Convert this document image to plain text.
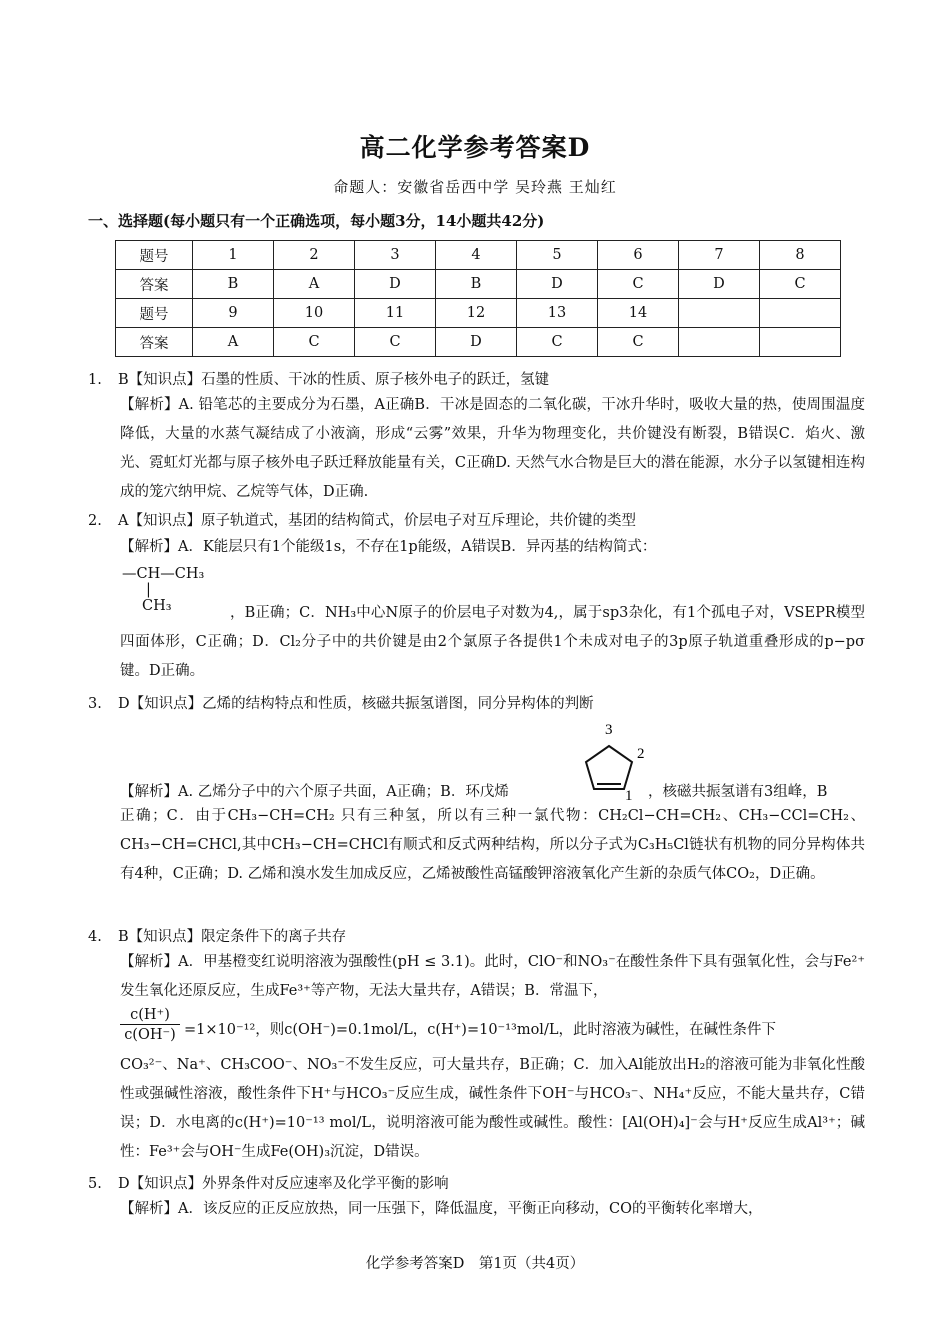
高二化学参考答案D
命题人：安徽省岳西中学 吴玲燕 王灿红
一、选择题(每小题只有一个正确选项，每小题3分，14小题共42分)
题号	1	2	3	4	5	6	7	8
答案	B	A	D	B	D	C	D	C
题号	9	10	11	12	13	14		
答案	A	C	C	D	C	C		
1. B【知识点】石墨的性质、干冰的性质、原子核外电子的跃迁，氢键
【解析】A. 铅笔芯的主要成分为石墨，A正确B．干冰是固态的二氧化碳，干冰升华时，吸收大量的热，使周围温度降低，大量的水蒸气凝结成了小液滴，形成“云雾”效果，升华为物理变化，共价键没有断裂，B错误C．焰火、激光、霓虹灯光都与原子核外电子跃迁释放能量有关，C正确D. 天然气水合物是巨大的潜在能源，水分子以氢键相连构成的笼穴纳甲烷、乙烷等气体，D正确.
2. A【知识点】原子轨道式，基团的结构简式，价层电子对互斥理论，共价键的类型
【解析】A．K能层只有1个能级1s，不存在1p能级，A错误B．异丙基的结构简式：
—CH—CH₃
|
CH₃	，B正确；C．NH₃中心N原子的价层电子对数为4,，属于sp3杂化，有1个孤电子对，VSEPR模型四面体形，C正确；D．Cl₂分子中的共价键是由2个氯原子各提供1个未成对电子的3p原子轨道重叠形成的p−pσ键。D正确。
3. D【知识点】乙烯的结构特点和性质，核磁共振氢谱图，同分异构体的判断
3
2
1
【解析】A. 乙烯分子中的六个原子共面，A正确；B．环戊烯	，核磁共振氢谱有3组峰，B
正确；C．由于CH₃−CH=CH₂ 只有三种氢，所以有三种一氯代物：CH₂Cl−CH=CH₂、CH₃−CCl=CH₂、CH₃−CH=CHCl,其中CH₃−CH=CHCl有顺式和反式两种结构，所以分子式为C₃H₅Cl链状有机物的同分异构体共有4种，C正确；D. 乙烯和溴水发生加成反应，乙烯被酸性高锰酸钾溶液氧化产生新的杂质气体CO₂，D正确。
4. B【知识点】限定条件下的离子共存
【解析】A．甲基橙变红说明溶液为强酸性(pH ≤ 3.1)。此时，ClO⁻和NO₃⁻在酸性条件下具有强氧化性，会与Fe²⁺发生氧化还原反应，生成Fe³⁺等产物，无法大量共存，A错误；B．常温下，
$\frac{c(H^+)}{c(OH^-)} =1\times 10^{-12}$，则c(OH⁻)=0.1mol/L，c(H⁺)=10⁻¹³mol/L，此时溶液为碱性，在碱性条件下
CO₃²⁻、Na⁺、CH₃COO⁻、NO₃⁻不发生反应，可大量共存，B正确；C．加入Al能放出H₂的溶液可能为非氧化性酸性或强碱性溶液，酸性条件下H⁺与HCO₃⁻反应生成，碱性条件下OH⁻与HCO₃⁻、NH₄⁺反应，不能大量共存，C错误；D．水电离的c(H⁺)=10⁻¹³ mol/L，说明溶液可能为酸性或碱性。酸性：[Al(OH)₄]⁻会与H⁺反应生成Al³⁺；碱性：Fe³⁺会与OH⁻生成Fe(OH)₃沉淀，D错误。
5. D【知识点】外界条件对反应速率及化学平衡的影响
【解析】A．该反应的正反应放热，同一压强下，降低温度，平衡正向移动，CO的平衡转化率增大，
化学参考答案D　第1页（共4页）
